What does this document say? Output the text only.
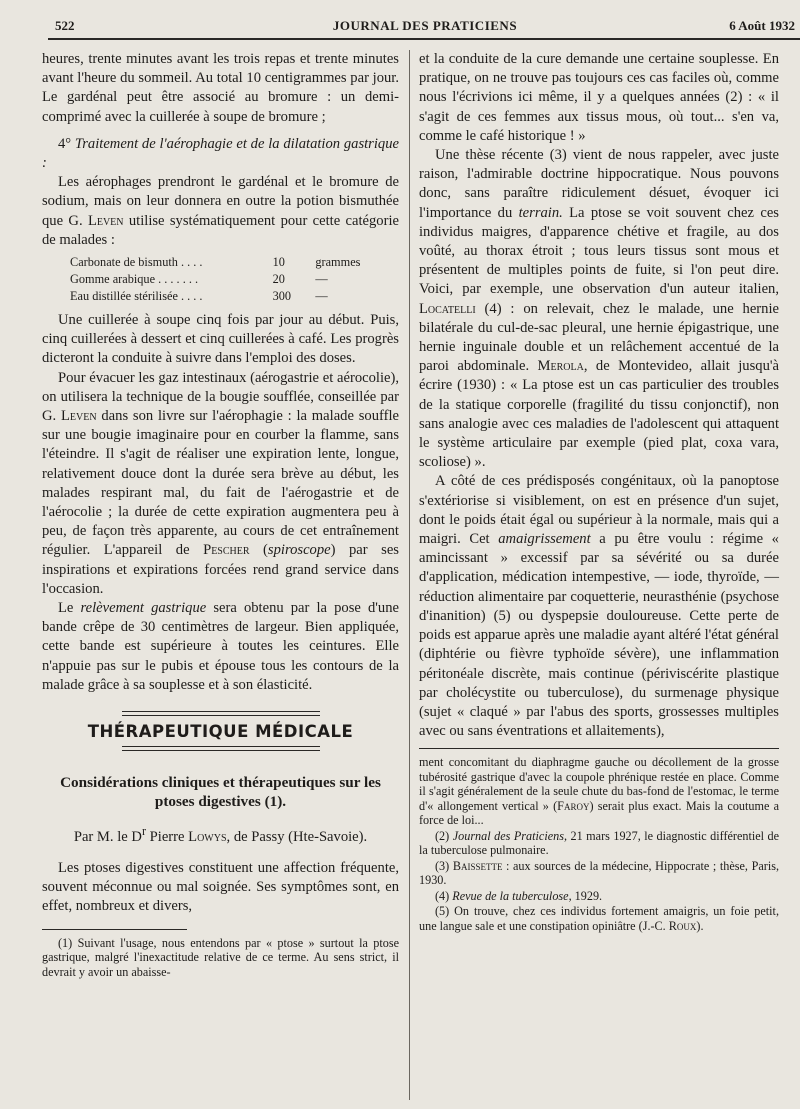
522	JOURNAL DES PRATICIENS	6 Août 1932

heures, trente minutes avant les trois repas et trente minutes avant l'heure du sommeil. Au total 10 centigrammes par jour. Le gardénal peut être associé au bromure : un demi-comprimé avec la cuillerée à soupe de bromure ;

4° Traitement de l'aérophagie et de la dilatation gastrique :

Les aérophages prendront le gardénal et le bromure de sodium, mais on leur donnera en outre la potion bismuthée que G. Leven utilise systématiquement pour cette catégorie de malades :

Carbonate de bismuth . . . .	10	grammes
Gomme arabique . . . . . . .	20	—
Eau distillée stérilisée . . . .	300	—

Une cuillerée à soupe cinq fois par jour au début. Puis, cinq cuillerées à dessert et cinq cuillerées à café. Les progrès dicteront la conduite à suivre dans l'emploi des doses.

Pour évacuer les gaz intestinaux (aérogastrie et aérocolie), on utilisera la technique de la bougie soufflée, conseillée par G. Leven dans son livre sur l'aérophagie : la malade souffle sur une bougie imaginaire pour en courber la flamme, sans l'éteindre. Il s'agit de réaliser une expiration lente, longue, relativement douce dont la durée sera brève au début, les malades respirant mal, du fait de l'aérogastrie et de l'aérocolie ; la durée de cette expiration augmentera peu à peu, de façon très apparente, au cours de cet entraînement régulier. L'appareil de Pescher (spiroscope) par ses inspirations et expirations forcées rend grand service dans l'occasion.

Le relèvement gastrique sera obtenu par la pose d'une bande crêpe de 30 centimètres de largeur. Bien appliquée, cette bande est supérieure à toutes les ceintures. Elle n'appuie pas sur le pubis et épouse tous les contours de la malade grâce à sa souplesse et à son élasticité.

THÉRAPEUTIQUE MÉDICALE
Considérations cliniques et thérapeutiques sur les ptoses digestives (1).
Par M. le $D^r$ Pierre Lowys, de Passy (Hte-Savoie).

Les ptoses digestives constituent une affection fréquente, souvent méconnue ou mal soignée. Ses symptômes sont, en effet, nombreux et divers,

(1) Suivant l'usage, nous entendons par « ptose » surtout la ptose gastrique, malgré l'inexactitude relative de ce terme. Au sens strict, il devrait y avoir un abaisse-

et la conduite de la cure demande une certaine souplesse. En pratique, on ne trouve pas toujours ces cas faciles où, comme nous l'écrivions ici même, il y a quelques années (2) : « il s'agit de ces femmes aux tissus mous, où tout... s'en va, comme le café historique ! »

Une thèse récente (3) vient de nous rappeler, avec juste raison, l'admirable doctrine hippocratique. Nous pouvons donc, sans paraître ridiculement désuet, évoquer ici l'importance du terrain. La ptose se voit souvent chez ces individus maigres, d'apparence chétive et fragile, au dos voûté, au thorax étroit ; tous leurs tissus sont mous et présentent de multiples points de fuite, si l'on peut dire. Voici, par exemple, une observation d'un auteur italien, Locatelli (4) : on relevait, chez le malade, une hernie bilatérale du cul-de-sac pleural, une hernie épigastrique, une hernie inguinale double et un relâchement accentué de la paroi abdominale. Merola, de Montevideo, allait jusqu'à écrire (1930) : « La ptose est un cas particulier des troubles de la statique corporelle (fragilité du tissu conjonctif), non sans analogie avec ces maladies de l'adolescent qui attaquent le système articulaire par exemple (pied plat, coxa vara, scoliose) ».

A côté de ces prédisposés congénitaux, où la panoptose s'extériorise si visiblement, on est en présence d'un sujet, dont le poids était égal ou supérieur à la normale, mais qui a maigri. Cet amaigrissement a pu être voulu : régime « amincissant » excessif par sa sévérité ou sa durée d'application, médication intempestive, — iode, thyroïde, — réduction alimentaire par coquetterie, neurasthénie (psychose d'inanition) (5) ou dyspepsie douloureuse. Cette perte de poids est apparue après une maladie ayant altéré l'état général (diphtérie ou fièvre typhoïde sévère), une inflammation péritonéale discrète, mais continue (périviscérite plastique par cholécystite ou tuberculose), du surmenage physique (sujet « claqué » par l'abus des sports, grossesses multiples avec ou sans éventrations et allaitements),

ment concomitant du diaphragme gauche ou décollement de la grosse tubérosité gastrique d'avec la coupole phrénique restée en place. Comme il s'agit généralement de la seule chute du bas-fond de l'estomac, le terme d'« allongement vertical » (Faroy) serait plus exact. Mais la coutume a force de loi...

(2) Journal des Praticiens, 21 mars 1927, le diagnostic différentiel de la tuberculose pulmonaire.

(3) Baissette : aux sources de la médecine, Hippocrate ; thèse, Paris, 1930.

(4) Revue de la tuberculose, 1929.

(5) On trouve, chez ces individus fortement amaigris, un foie petit, une langue sale et une constipation opiniâtre (J.-C. Roux).
